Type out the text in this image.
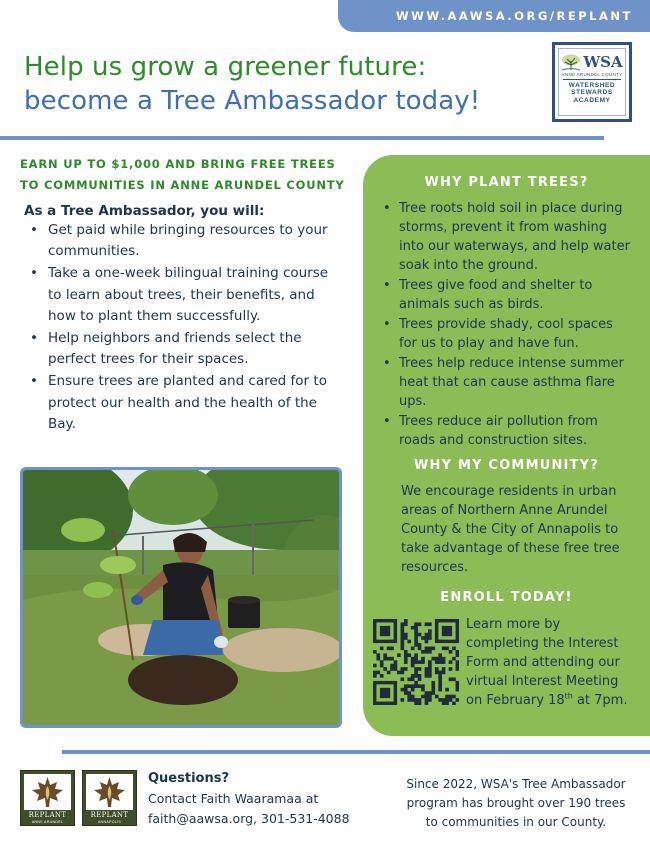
WWW.AAWSA.ORG/REPLANT
Help us grow a greener future:
become a Tree Ambassador today!
WSA
ANNE ARUNDEL COUNTY
WATERSHED
STEWARDS
ACADEMY
EARN UP TO $1,000 AND BRING FREE TREES
TO COMMUNITIES IN ANNE ARUNDEL COUNTY
As a Tree Ambassador, you will:
• Get paid while bringing resources to your communities.
• Take a one-week bilingual training course to learn about trees, their benefits, and how to plant them successfully.
• Help neighbors and friends select the perfect trees for their spaces.
• Ensure trees are planted and cared for to protect our health and the health of the Bay.
WHY PLANT TREES?
• Tree roots hold soil in place during storms, prevent it from washing into our waterways, and help water soak into the ground.
• Trees give food and shelter to animals such as birds.
• Trees provide shady, cool spaces for us to play and have fun.
• Trees help reduce intense summer heat that can cause asthma flare ups.
• Trees reduce air pollution from roads and construction sites.
WHY MY COMMUNITY?
We encourage residents in urban areas of Northern Anne Arundel County & the City of Annapolis to take advantage of these free tree resources.
ENROLL TODAY!
Learn more by
completing the Interest
Form and attending our
virtual Interest Meeting
on February 18th at 7pm.
REPLANT
ANNE ARUNDEL
REPLANT
ANNAPOLIS
Questions?
Contact Faith Waaramaa at
faith@aawsa.org, 301-531-4088
Since 2022, WSA's Tree Ambassador
program has brought over 190 trees
to communities in our County.
